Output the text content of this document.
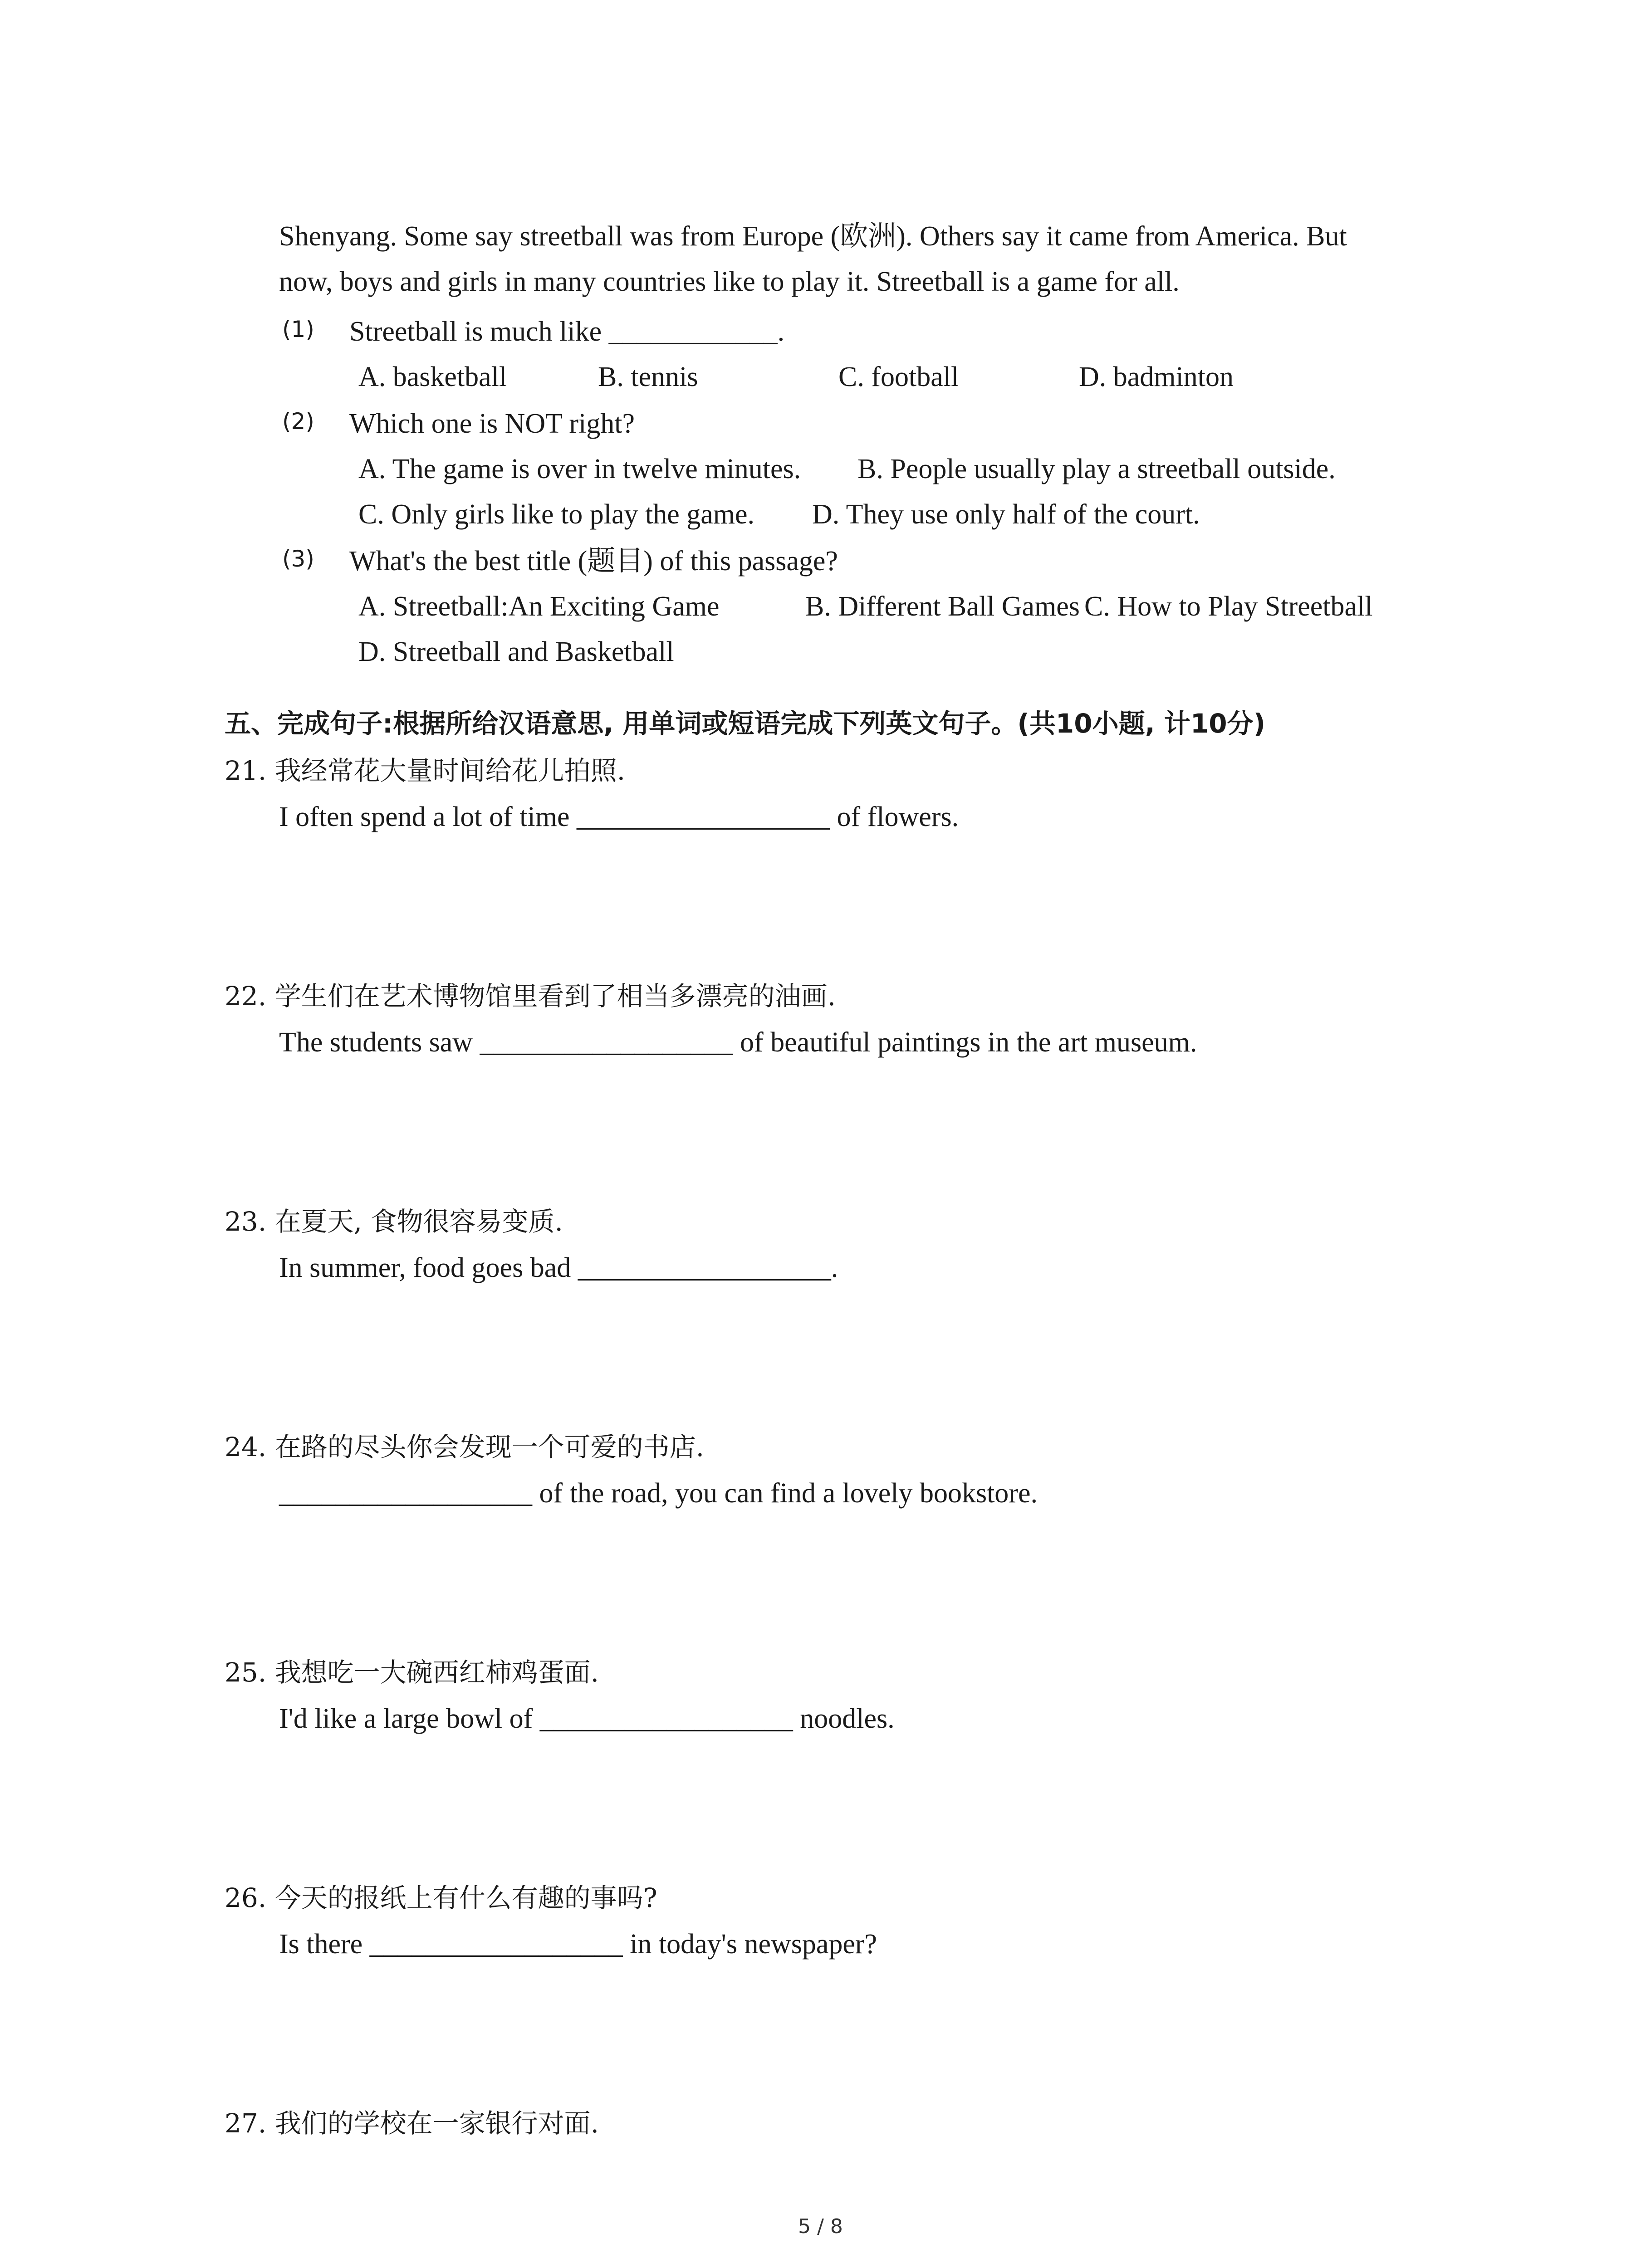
Shenyang. Some say streetball was from Europe (欧洲). Others say it came from America. But
now, boys and girls in many countries like to play it. Streetball is a game for all.
(1) Streetball is much like ____________.
A. basketball	B. tennis	C. football	D. badminton
(2) Which one is NOT right?
A. The game is over in twelve minutes. B. People usually play a streetball outside.
C. Only girls like to play the game. D. They use only half of the court.
(3) What's the best title (题目) of this passage?
A. Streetball:An Exciting Game	B. Different Ball Games C. How to Play Streetball
D. Streetball and Basketball
五、完成句子:根据所给汉语意思, 用单词或短语完成下列英文句子。(共10小题, 计10分)
21. 我经常花大量时间给花儿拍照.
I often spend a lot of time __________________ of flowers.
22. 学生们在艺术博物馆里看到了相当多漂亮的油画.
The students saw __________________ of beautiful paintings in the art museum.
23. 在夏天, 食物很容易变质.
In summer, food goes bad __________________.
24. 在路的尽头你会发现一个可爱的书店.
__________________ of the road, you can find a lovely bookstore.
25. 我想吃一大碗西红柿鸡蛋面.
I'd like a large bowl of __________________ noodles.
26. 今天的报纸上有什么有趣的事吗?
Is there __________________ in today's newspaper?
27. 我们的学校在一家银行对面.
5 / 8
